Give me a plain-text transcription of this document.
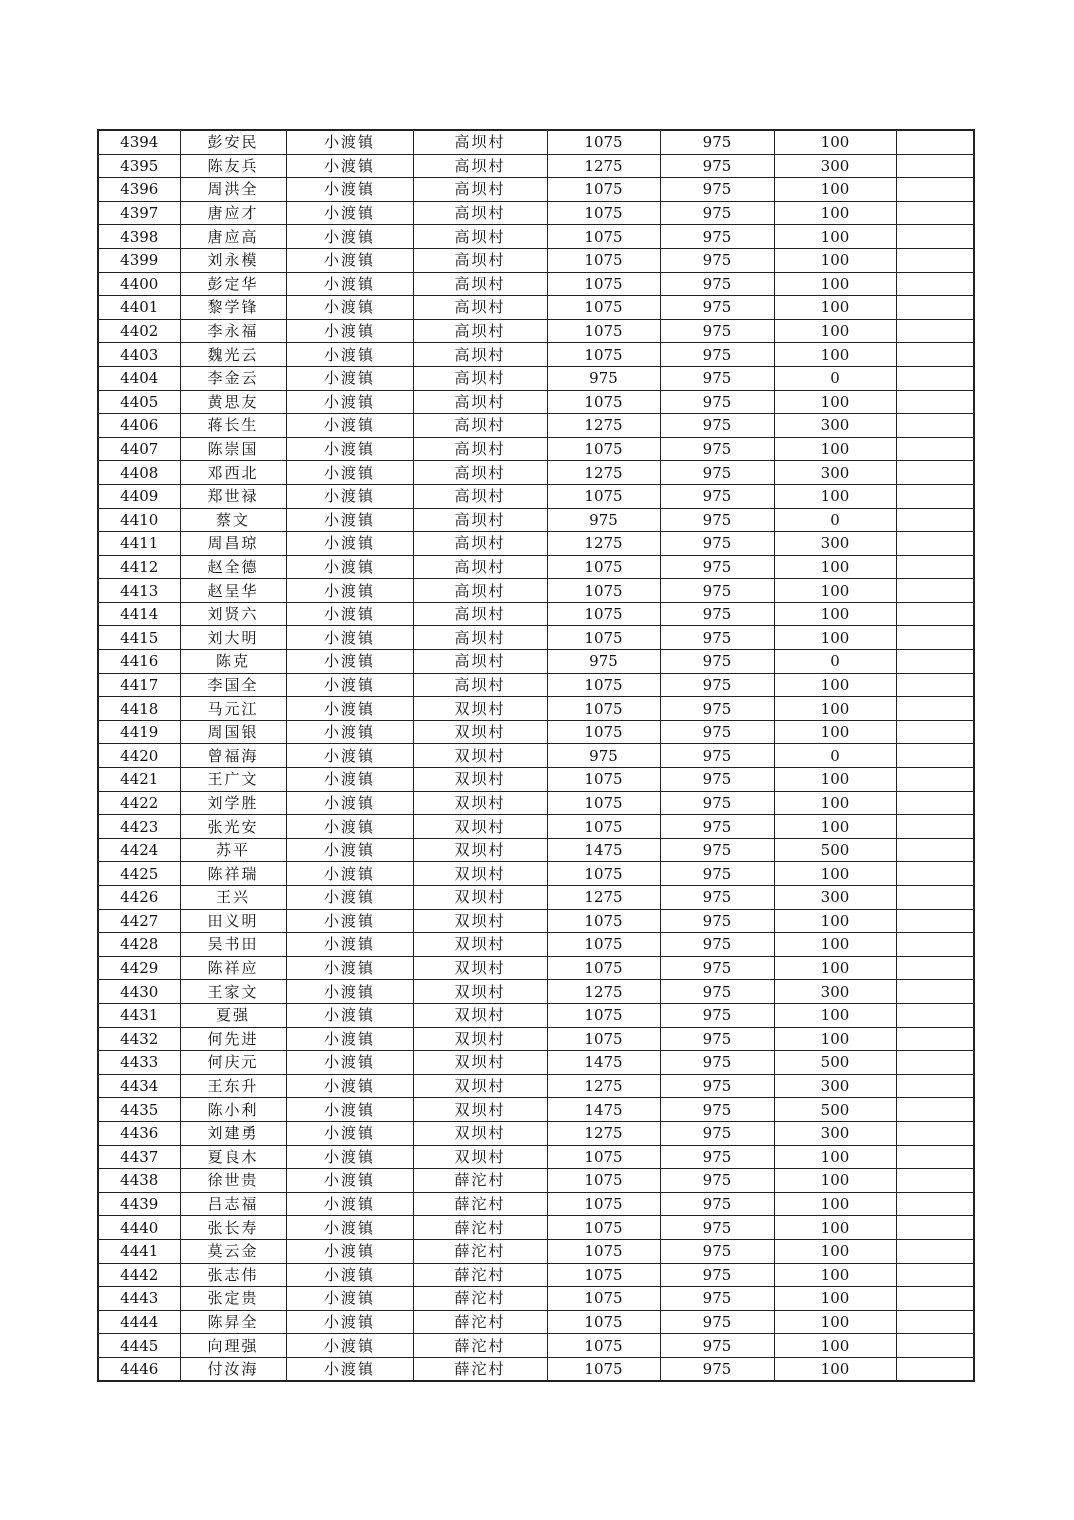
4394	彭安民	小渡镇	高坝村	1075	975	100	
4395	陈友兵	小渡镇	高坝村	1275	975	300	
4396	周洪全	小渡镇	高坝村	1075	975	100	
4397	唐应才	小渡镇	高坝村	1075	975	100	
4398	唐应高	小渡镇	高坝村	1075	975	100	
4399	刘永模	小渡镇	高坝村	1075	975	100	
4400	彭定华	小渡镇	高坝村	1075	975	100	
4401	黎学锋	小渡镇	高坝村	1075	975	100	
4402	李永福	小渡镇	高坝村	1075	975	100	
4403	魏光云	小渡镇	高坝村	1075	975	100	
4404	李金云	小渡镇	高坝村	975	975	0	
4405	黄思友	小渡镇	高坝村	1075	975	100	
4406	蒋长生	小渡镇	高坝村	1275	975	300	
4407	陈崇国	小渡镇	高坝村	1075	975	100	
4408	邓西北	小渡镇	高坝村	1275	975	300	
4409	郑世禄	小渡镇	高坝村	1075	975	100	
4410	蔡文	小渡镇	高坝村	975	975	0	
4411	周昌琼	小渡镇	高坝村	1275	975	300	
4412	赵全德	小渡镇	高坝村	1075	975	100	
4413	赵呈华	小渡镇	高坝村	1075	975	100	
4414	刘贤六	小渡镇	高坝村	1075	975	100	
4415	刘大明	小渡镇	高坝村	1075	975	100	
4416	陈克	小渡镇	高坝村	975	975	0	
4417	李国全	小渡镇	高坝村	1075	975	100	
4418	马元江	小渡镇	双坝村	1075	975	100	
4419	周国银	小渡镇	双坝村	1075	975	100	
4420	曾福海	小渡镇	双坝村	975	975	0	
4421	王广文	小渡镇	双坝村	1075	975	100	
4422	刘学胜	小渡镇	双坝村	1075	975	100	
4423	张光安	小渡镇	双坝村	1075	975	100	
4424	苏平	小渡镇	双坝村	1475	975	500	
4425	陈祥瑞	小渡镇	双坝村	1075	975	100	
4426	王兴	小渡镇	双坝村	1275	975	300	
4427	田义明	小渡镇	双坝村	1075	975	100	
4428	吴书田	小渡镇	双坝村	1075	975	100	
4429	陈祥应	小渡镇	双坝村	1075	975	100	
4430	王家文	小渡镇	双坝村	1275	975	300	
4431	夏强	小渡镇	双坝村	1075	975	100	
4432	何先进	小渡镇	双坝村	1075	975	100	
4433	何庆元	小渡镇	双坝村	1475	975	500	
4434	王东升	小渡镇	双坝村	1275	975	300	
4435	陈小利	小渡镇	双坝村	1475	975	500	
4436	刘建勇	小渡镇	双坝村	1275	975	300	
4437	夏良木	小渡镇	双坝村	1075	975	100	
4438	徐世贵	小渡镇	薛沱村	1075	975	100	
4439	吕志福	小渡镇	薛沱村	1075	975	100	
4440	张长寿	小渡镇	薛沱村	1075	975	100	
4441	莫云金	小渡镇	薛沱村	1075	975	100	
4442	张志伟	小渡镇	薛沱村	1075	975	100	
4443	张定贵	小渡镇	薛沱村	1075	975	100	
4444	陈昇全	小渡镇	薛沱村	1075	975	100	
4445	向理强	小渡镇	薛沱村	1075	975	100	
4446	付汝海	小渡镇	薛沱村	1075	975	100	
